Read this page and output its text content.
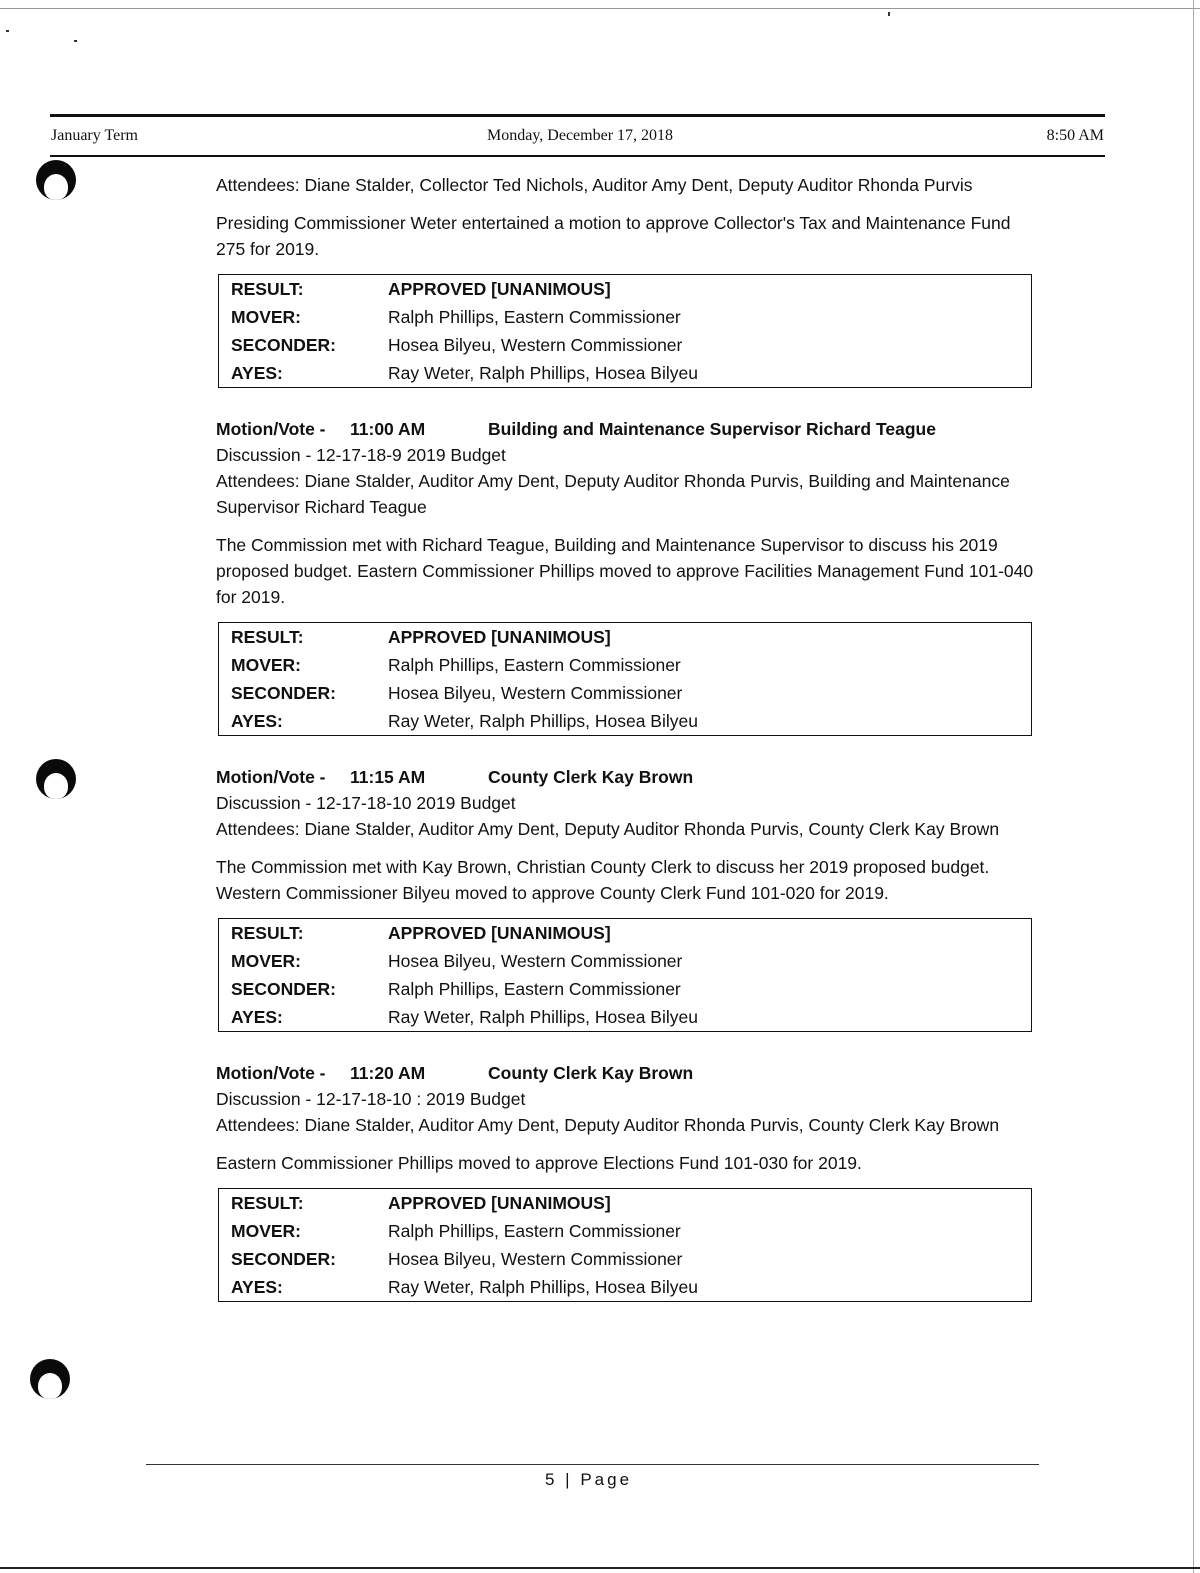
January Term	Monday, December 17, 2018	8:50 AM

Attendees: Diane Stalder, Collector Ted Nichols, Auditor Amy Dent, Deputy Auditor Rhonda Purvis

Presiding Commissioner Weter entertained a motion to approve Collector's Tax and Maintenance Fund 275 for 2019.

RESULT:	APPROVED [UNANIMOUS]
MOVER:	Ralph Phillips, Eastern Commissioner
SECONDER:	Hosea Bilyeu, Western Commissioner
AYES:	Ray Weter, Ralph Phillips, Hosea Bilyeu

Motion/Vote - 11:00 AM	Building and Maintenance Supervisor Richard Teague

Discussion - 12-17-18-9 2019 Budget

Attendees: Diane Stalder, Auditor Amy Dent, Deputy Auditor Rhonda Purvis, Building and Maintenance Supervisor Richard Teague

The Commission met with Richard Teague, Building and Maintenance Supervisor to discuss his 2019 proposed budget. Eastern Commissioner Phillips moved to approve Facilities Management Fund 101-040 for 2019.

RESULT:	APPROVED [UNANIMOUS]
MOVER:	Ralph Phillips, Eastern Commissioner
SECONDER:	Hosea Bilyeu, Western Commissioner
AYES:	Ray Weter, Ralph Phillips, Hosea Bilyeu

Motion/Vote - 11:15 AM	County Clerk Kay Brown

Discussion - 12-17-18-10 2019 Budget

Attendees: Diane Stalder, Auditor Amy Dent, Deputy Auditor Rhonda Purvis, County Clerk Kay Brown

The Commission met with Kay Brown, Christian County Clerk to discuss her 2019 proposed budget. Western Commissioner Bilyeu moved to approve County Clerk Fund 101-020 for 2019.

RESULT:	APPROVED [UNANIMOUS]
MOVER:	Hosea Bilyeu, Western Commissioner
SECONDER:	Ralph Phillips, Eastern Commissioner
AYES:	Ray Weter, Ralph Phillips, Hosea Bilyeu

Motion/Vote - 11:20 AM	County Clerk Kay Brown

Discussion - 12-17-18-10 : 2019 Budget

Attendees: Diane Stalder, Auditor Amy Dent, Deputy Auditor Rhonda Purvis, County Clerk Kay Brown

Eastern Commissioner Phillips moved to approve Elections Fund 101-030 for 2019.

RESULT:	APPROVED [UNANIMOUS]
MOVER:	Ralph Phillips, Eastern Commissioner
SECONDER:	Hosea Bilyeu, Western Commissioner
AYES:	Ray Weter, Ralph Phillips, Hosea Bilyeu
5 | Page
